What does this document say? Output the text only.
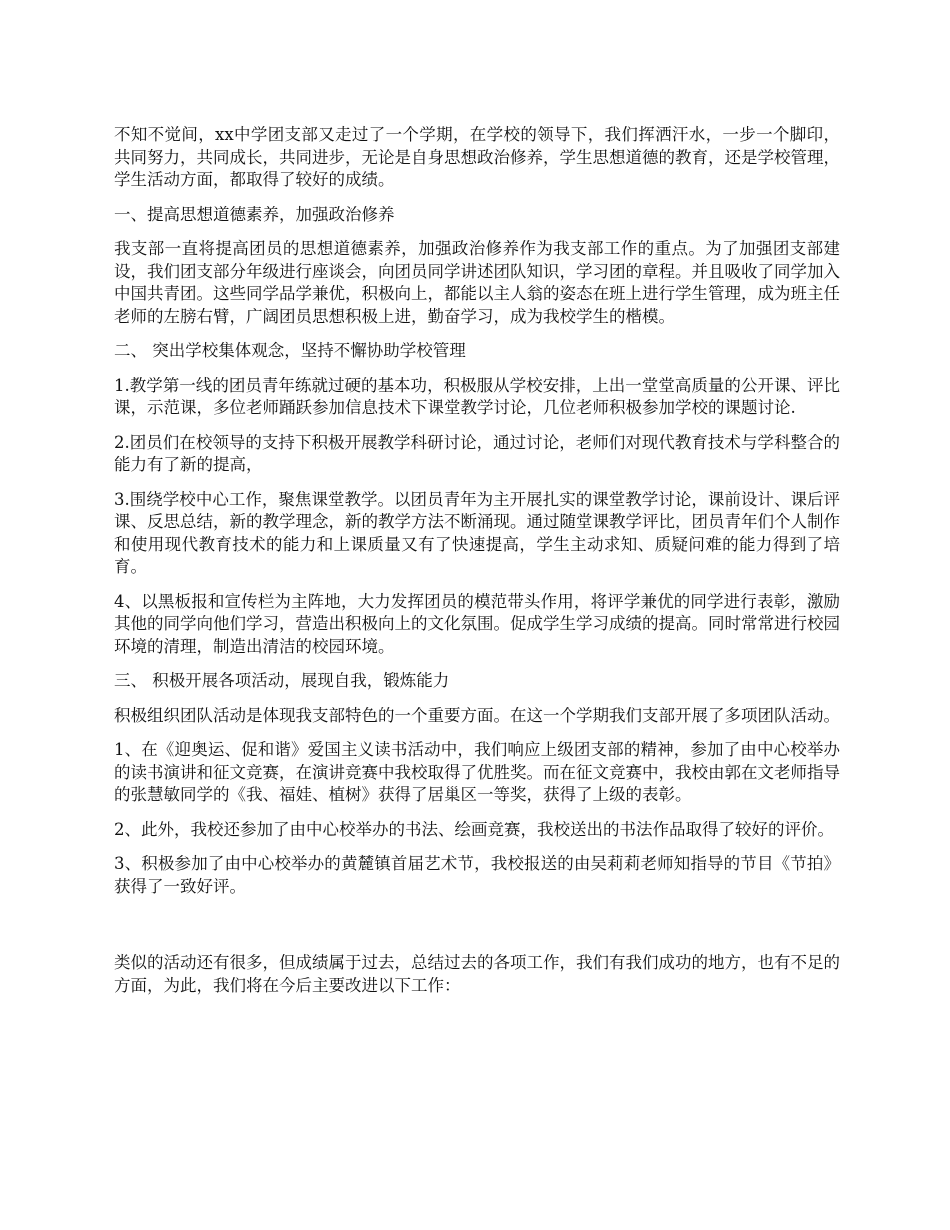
不知不觉间，xx中学团支部又走过了一个学期，在学校的领导下，我们挥洒汗水，一步一个脚印，共同努力，共同成长，共同进步，无论是自身思想政治修养，学生思想道德的教育，还是学校管理，学生活动方面，都取得了较好的成绩。

一、提高思想道德素养，加强政治修养

我支部一直将提高团员的思想道德素养，加强政治修养作为我支部工作的重点。为了加强团支部建设，我们团支部分年级进行座谈会，向团员同学讲述团队知识，学习团的章程。并且吸收了同学加入中国共青团。这些同学品学兼优，积极向上，都能以主人翁的姿态在班上进行学生管理，成为班主任老师的左膀右臂，广阔团员思想积极上进，勤奋学习，成为我校学生的楷模。

二、 突出学校集体观念，坚持不懈协助学校管理

1.教学第一线的团员青年练就过硬的基本功，积极服从学校安排，上出一堂堂高质量的公开课、评比课，示范课，多位老师踊跃参加信息技术下课堂教学讨论，几位老师积极参加学校的课题讨论.

2.团员们在校领导的支持下积极开展教学科研讨论，通过讨论，老师们对现代教育技术与学科整合的能力有了新的提高，

3.围绕学校中心工作，聚焦课堂教学。以团员青年为主开展扎实的课堂教学讨论，课前设计、课后评课、反思总结，新的教学理念，新的教学方法不断涌现。通过随堂课教学评比，团员青年们个人制作和使用现代教育技术的能力和上课质量又有了快速提高，学生主动求知、质疑问难的能力得到了培育。

4、以黑板报和宣传栏为主阵地，大力发挥团员的模范带头作用，将评学兼优的同学进行表彰，激励其他的同学向他们学习，营造出积极向上的文化氛围。促成学生学习成绩的提高。同时常常进行校园环境的清理，制造出清洁的校园环境。

三、 积极开展各项活动，展现自我，锻炼能力

积极组织团队活动是体现我支部特色的一个重要方面。在这一个学期我们支部开展了多项团队活动。

1、在《迎奥运、促和谐》爱国主义读书活动中，我们响应上级团支部的精神，参加了由中心校举办的读书演讲和征文竞赛，在演讲竞赛中我校取得了优胜奖。而在征文竞赛中，我校由郭在文老师指导的张慧敏同学的《我、福娃、植树》获得了居巢区一等奖，获得了上级的表彰。

2、此外，我校还参加了由中心校举办的书法、绘画竞赛，我校送出的书法作品取得了较好的评价。

3、积极参加了由中心校举办的黄麓镇首届艺术节，我校报送的由吴莉莉老师知指导的节目《节拍》获得了一致好评。

类似的活动还有很多，但成绩属于过去，总结过去的各项工作，我们有我们成功的地方，也有不足的方面，为此，我们将在今后主要改进以下工作：
